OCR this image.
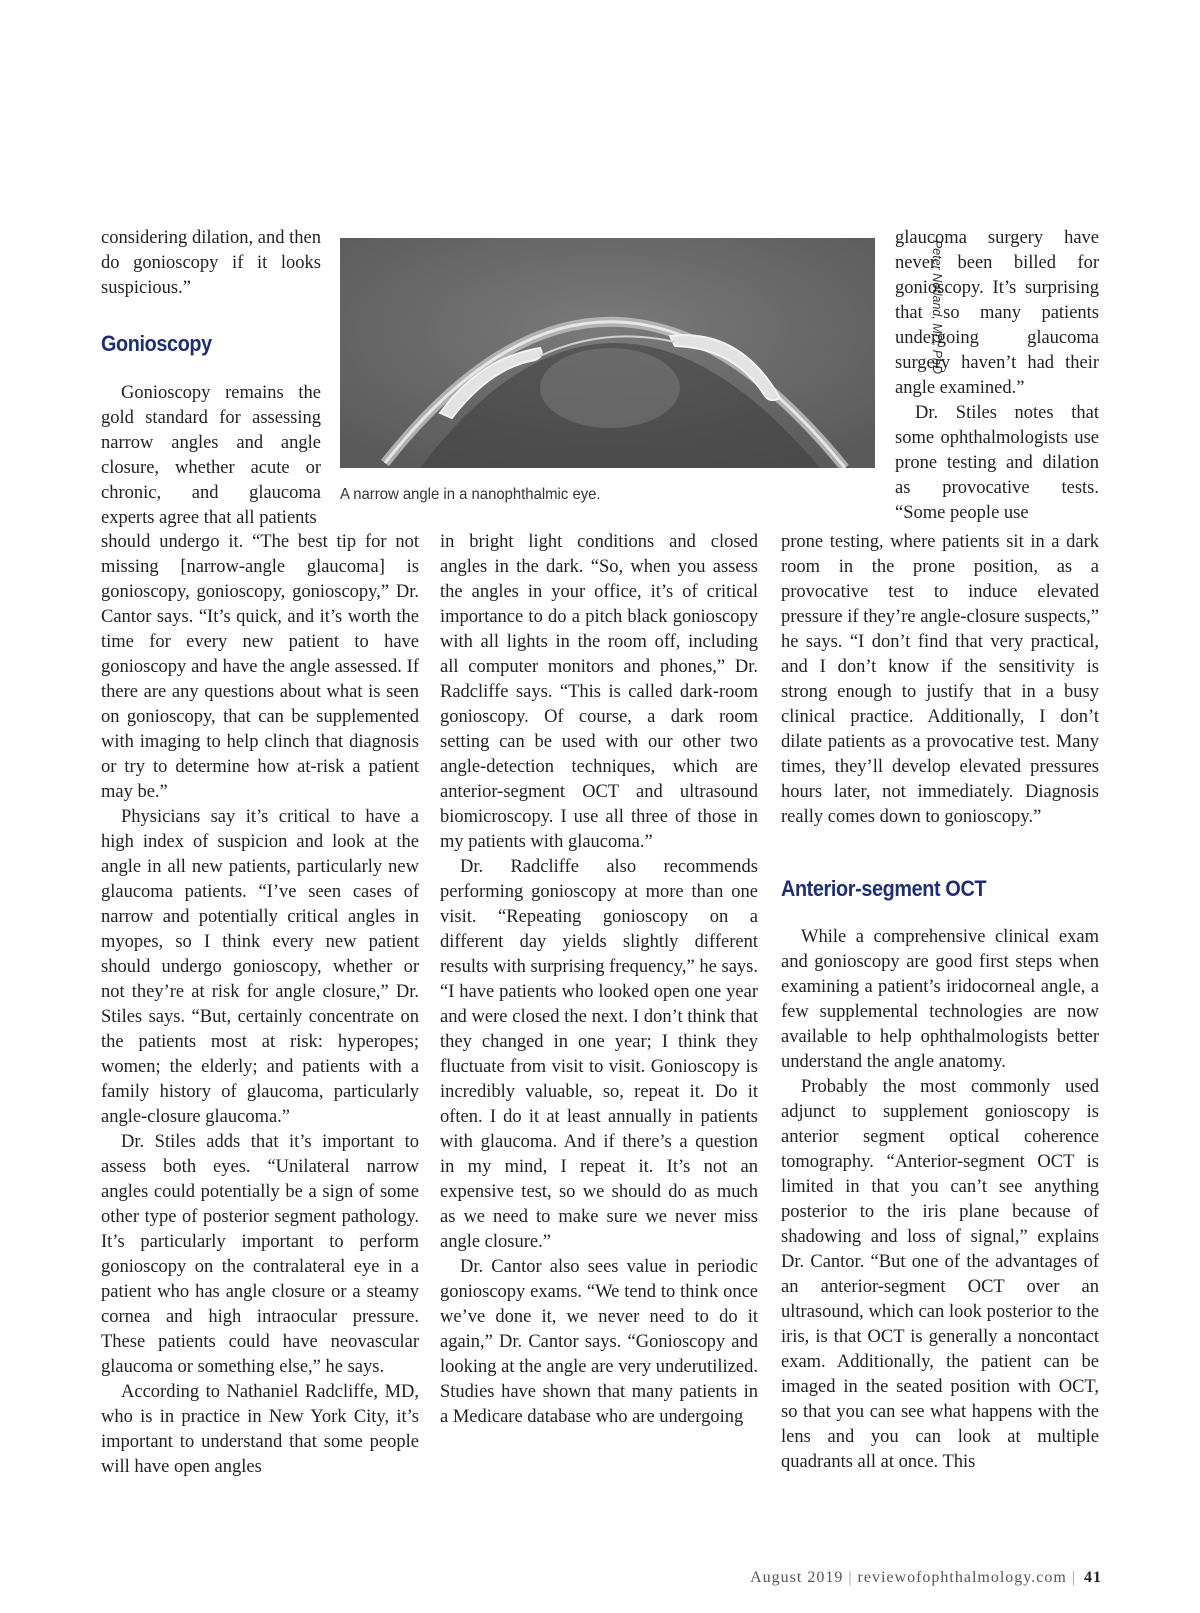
considering dilation, and then do gonioscopy if it looks suspicious.”

Gonioscopy

Gonioscopy remains the gold standard for assessing narrow angles and angle closure, whether acute or chronic, and glaucoma experts agree that all patients

should undergo it. “The best tip for not missing [narrow-angle glaucoma] is gonioscopy, gonioscopy, gonioscopy,” Dr. Cantor says. “It’s quick, and it’s worth the time for every new patient to have gonioscopy and have the angle assessed. If there are any questions about what is seen on gonioscopy, that can be supplemented with imaging to help clinch that diagnosis or try to determine how at-risk a patient may be.”

Physicians say it’s critical to have a high index of suspicion and look at the angle in all new patients, particularly new glaucoma patients. “I’ve seen cases of narrow and potentially critical angles in myopes, so I think every new patient should undergo gonioscopy, whether or not they’re at risk for angle closure,” Dr. Stiles says. “But, certainly concentrate on the patients most at risk: hyperopes; women; the elderly; and patients with a family history of glaucoma, particularly angle-closure glaucoma.”

Dr. Stiles adds that it’s important to assess both eyes. “Unilateral narrow angles could potentially be a sign of some other type of posterior segment pathology. It’s particularly important to perform gonioscopy on the contralateral eye in a patient who has angle closure or a steamy cornea and high intraocular pressure. These patients could have neovascular glaucoma or something else,” he says.

According to Nathaniel Radcliffe, MD, who is in practice in New York City, it’s important to understand that some people will have open angles

A narrow angle in a nanophthalmic eye.
Peter Netland, MD, PhD

in bright light conditions and closed angles in the dark. “So, when you assess the angles in your office, it’s of critical importance to do a pitch black gonioscopy with all lights in the room off, including all computer monitors and phones,” Dr. Radcliffe says. “This is called dark-room gonioscopy. Of course, a dark room setting can be used with our other two angle-detection techniques, which are anterior-segment OCT and ultrasound biomicroscopy. I use all three of those in my patients with glaucoma.”

Dr. Radcliffe also recommends performing gonioscopy at more than one visit. “Repeating gonioscopy on a different day yields slightly different results with surprising frequency,” he says. “I have patients who looked open one year and were closed the next. I don’t think that they changed in one year; I think they fluctuate from visit to visit. Gonioscopy is incredibly valuable, so, repeat it. Do it often. I do it at least annually in patients with glaucoma. And if there’s a question in my mind, I repeat it. It’s not an expensive test, so we should do as much as we need to make sure we never miss angle closure.”

Dr. Cantor also sees value in periodic gonioscopy exams. “We tend to think once we’ve done it, we never need to do it again,” Dr. Cantor says. “Gonioscopy and looking at the angle are very underutilized. Studies have shown that many patients in a Medicare database who are undergoing

glaucoma surgery have never been billed for gonioscopy. It’s surprising that so many patients undergoing glaucoma surgery haven’t had their angle examined.”

Dr. Stiles notes that some ophthalmologists use prone testing and dilation as provocative tests. “Some people use

prone testing, where patients sit in a dark room in the prone position, as a provocative test to induce elevated pressure if they’re angle-closure suspects,” he says. “I don’t find that very practical, and I don’t know if the sensitivity is strong enough to justify that in a busy clinical practice. Additionally, I don’t dilate patients as a provocative test. Many times, they’ll develop elevated pressures hours later, not immediately. Diagnosis really comes down to gonioscopy.”

Anterior-segment OCT

While a comprehensive clinical exam and gonioscopy are good first steps when examining a patient’s iridocorneal angle, a few supplemental technologies are now available to help ophthalmologists better understand the angle anatomy.

Probably the most commonly used adjunct to supplement gonioscopy is anterior segment optical coherence tomography. “Anterior-segment OCT is limited in that you can’t see anything posterior to the iris plane because of shadowing and loss of signal,” explains Dr. Cantor. “But one of the advantages of an anterior-segment OCT over an ultrasound, which can look posterior to the iris, is that OCT is generally a noncontact exam. Additionally, the patient can be imaged in the seated position with OCT, so that you can see what happens with the lens and you can look at multiple quadrants all at once. This

August 2019 | reviewofophthalmology.com | 41
